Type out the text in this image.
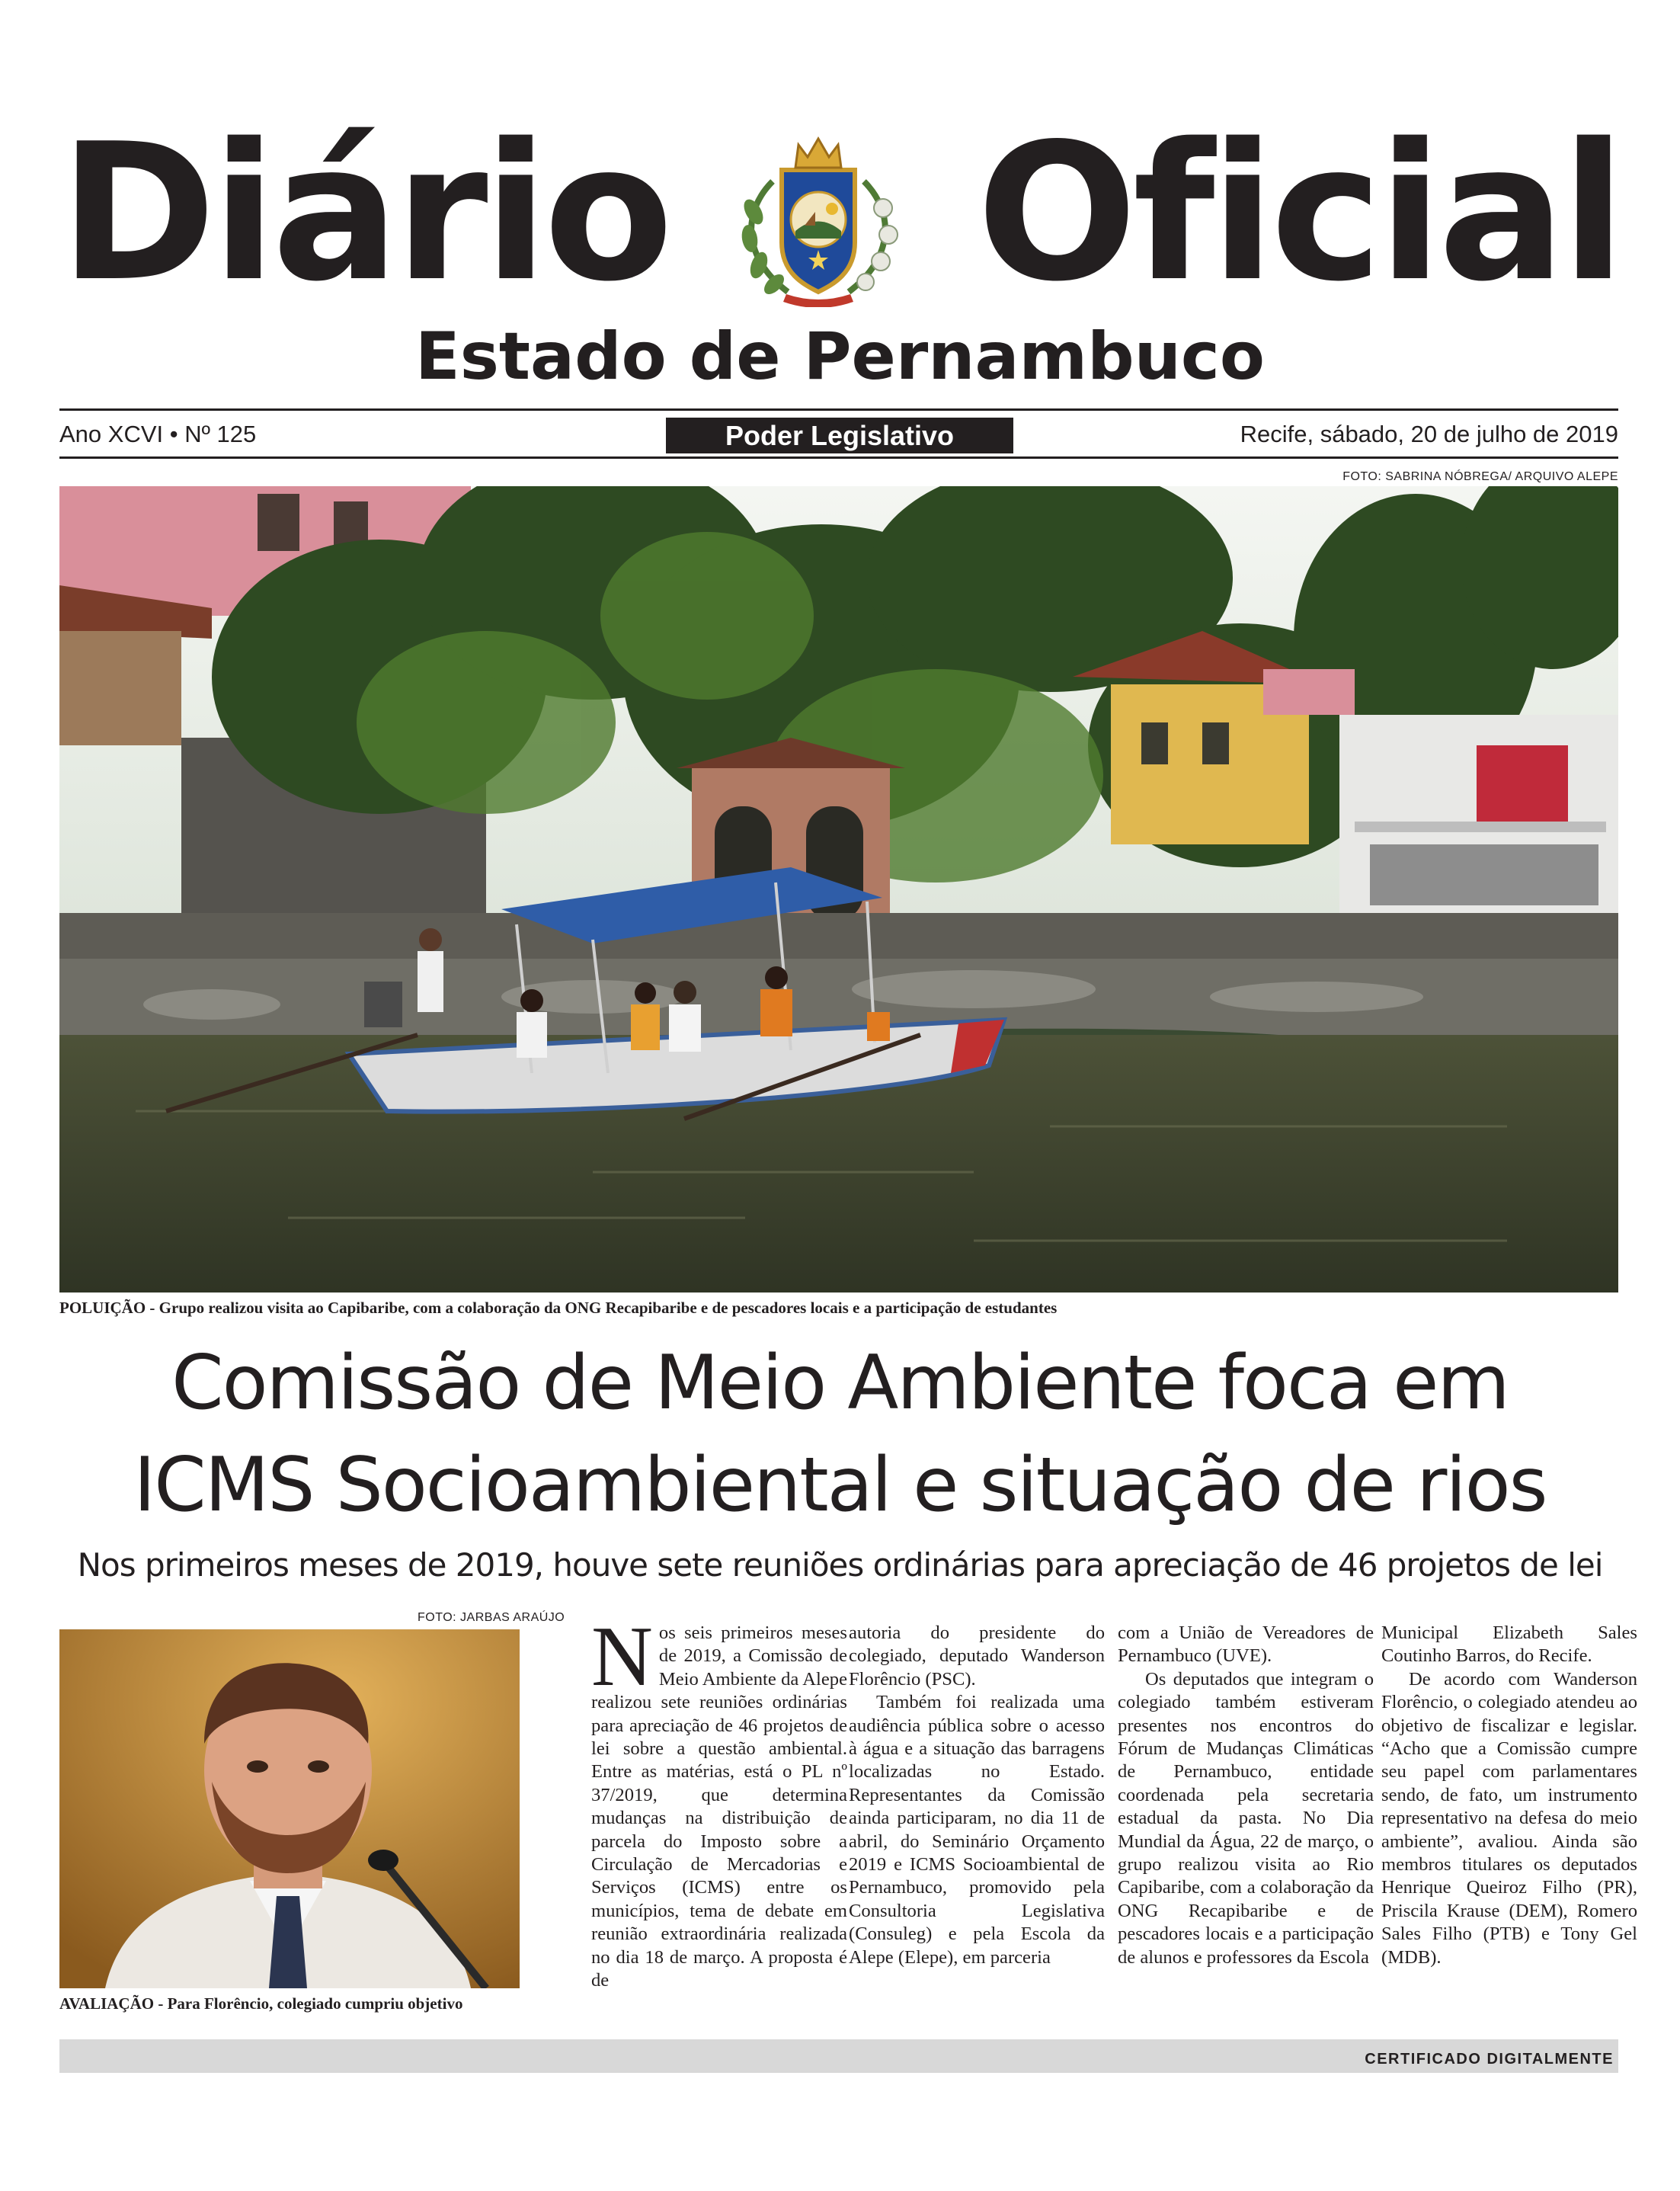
Diário Oficial
Estado de Pernambuco
Ano XCVI • Nº 125	Poder Legislativo	Recife, sábado, 20 de julho de 2019
FOTO: SABRINA NÓBREGA/ ARQUIVO ALEPE
POLUIÇÃO - Grupo realizou visita ao Capibaribe, com a colaboração da ONG Recapibaribe e de pescadores locais e a participação de estudantes
Comissão de Meio Ambiente foca em
ICMS Socioambiental e situação de rios
Nos primeiros meses de 2019, houve sete reuniões ordinárias para apreciação de 46 projetos de lei
FOTO: JARBAS ARAÚJO
AVALIAÇÃO - Para Florêncio, colegiado cumpriu objetivo
N os seis primeiros meses de 2019, a Comissão de Meio Ambiente da Alepe realizou sete reuniões ordinárias para apreciação de 46 projetos de lei sobre a questão ambiental. Entre as matérias, está o PL nº 37/2019, que determina mudanças na distribuição de parcela do Imposto sobre a Circulação de Mercadorias e Serviços (ICMS) entre os municípios, tema de debate em reunião extraordinária realizada no dia 18 de março. A proposta é de

autoria do presidente do colegiado, deputado Wanderson Florêncio (PSC).

Também foi realizada uma audiência pública sobre o acesso à água e a situação das barragens localizadas no Estado. Representantes da Comissão ainda participaram, no dia 11 de abril, do Seminário Orçamento 2019 e ICMS Socioambiental de Pernambuco, promovido pela Consultoria Legislativa (Consuleg) e pela Escola da Alepe (Elepe), em parceria

com a União de Vereadores de Pernambuco (UVE).

Os deputados que integram o colegiado também estiveram presentes nos encontros do Fórum de Mudanças Climáticas de Pernambuco, entidade coordenada pela secretaria estadual da pasta. No Dia Mundial da Água, 22 de março, o grupo realizou visita ao Rio Capibaribe, com a colaboração da ONG Recapibaribe e de pescadores locais e a participação de alunos e professores da Escola

Municipal Elizabeth Sales Coutinho Barros, do Recife.

De acordo com Wanderson Florêncio, o colegiado atendeu ao objetivo de fiscalizar e legislar. “Acho que a Comissão cumpre seu papel com parlamentares sendo, de fato, um instrumento representativo na defesa do meio ambiente”, avaliou. Ainda são membros titulares os deputados Henrique Queiroz Filho (PR), Priscila Krause (DEM), Romero Sales Filho (PTB) e Tony Gel (MDB).

CERTIFICADO DIGITALMENTE
